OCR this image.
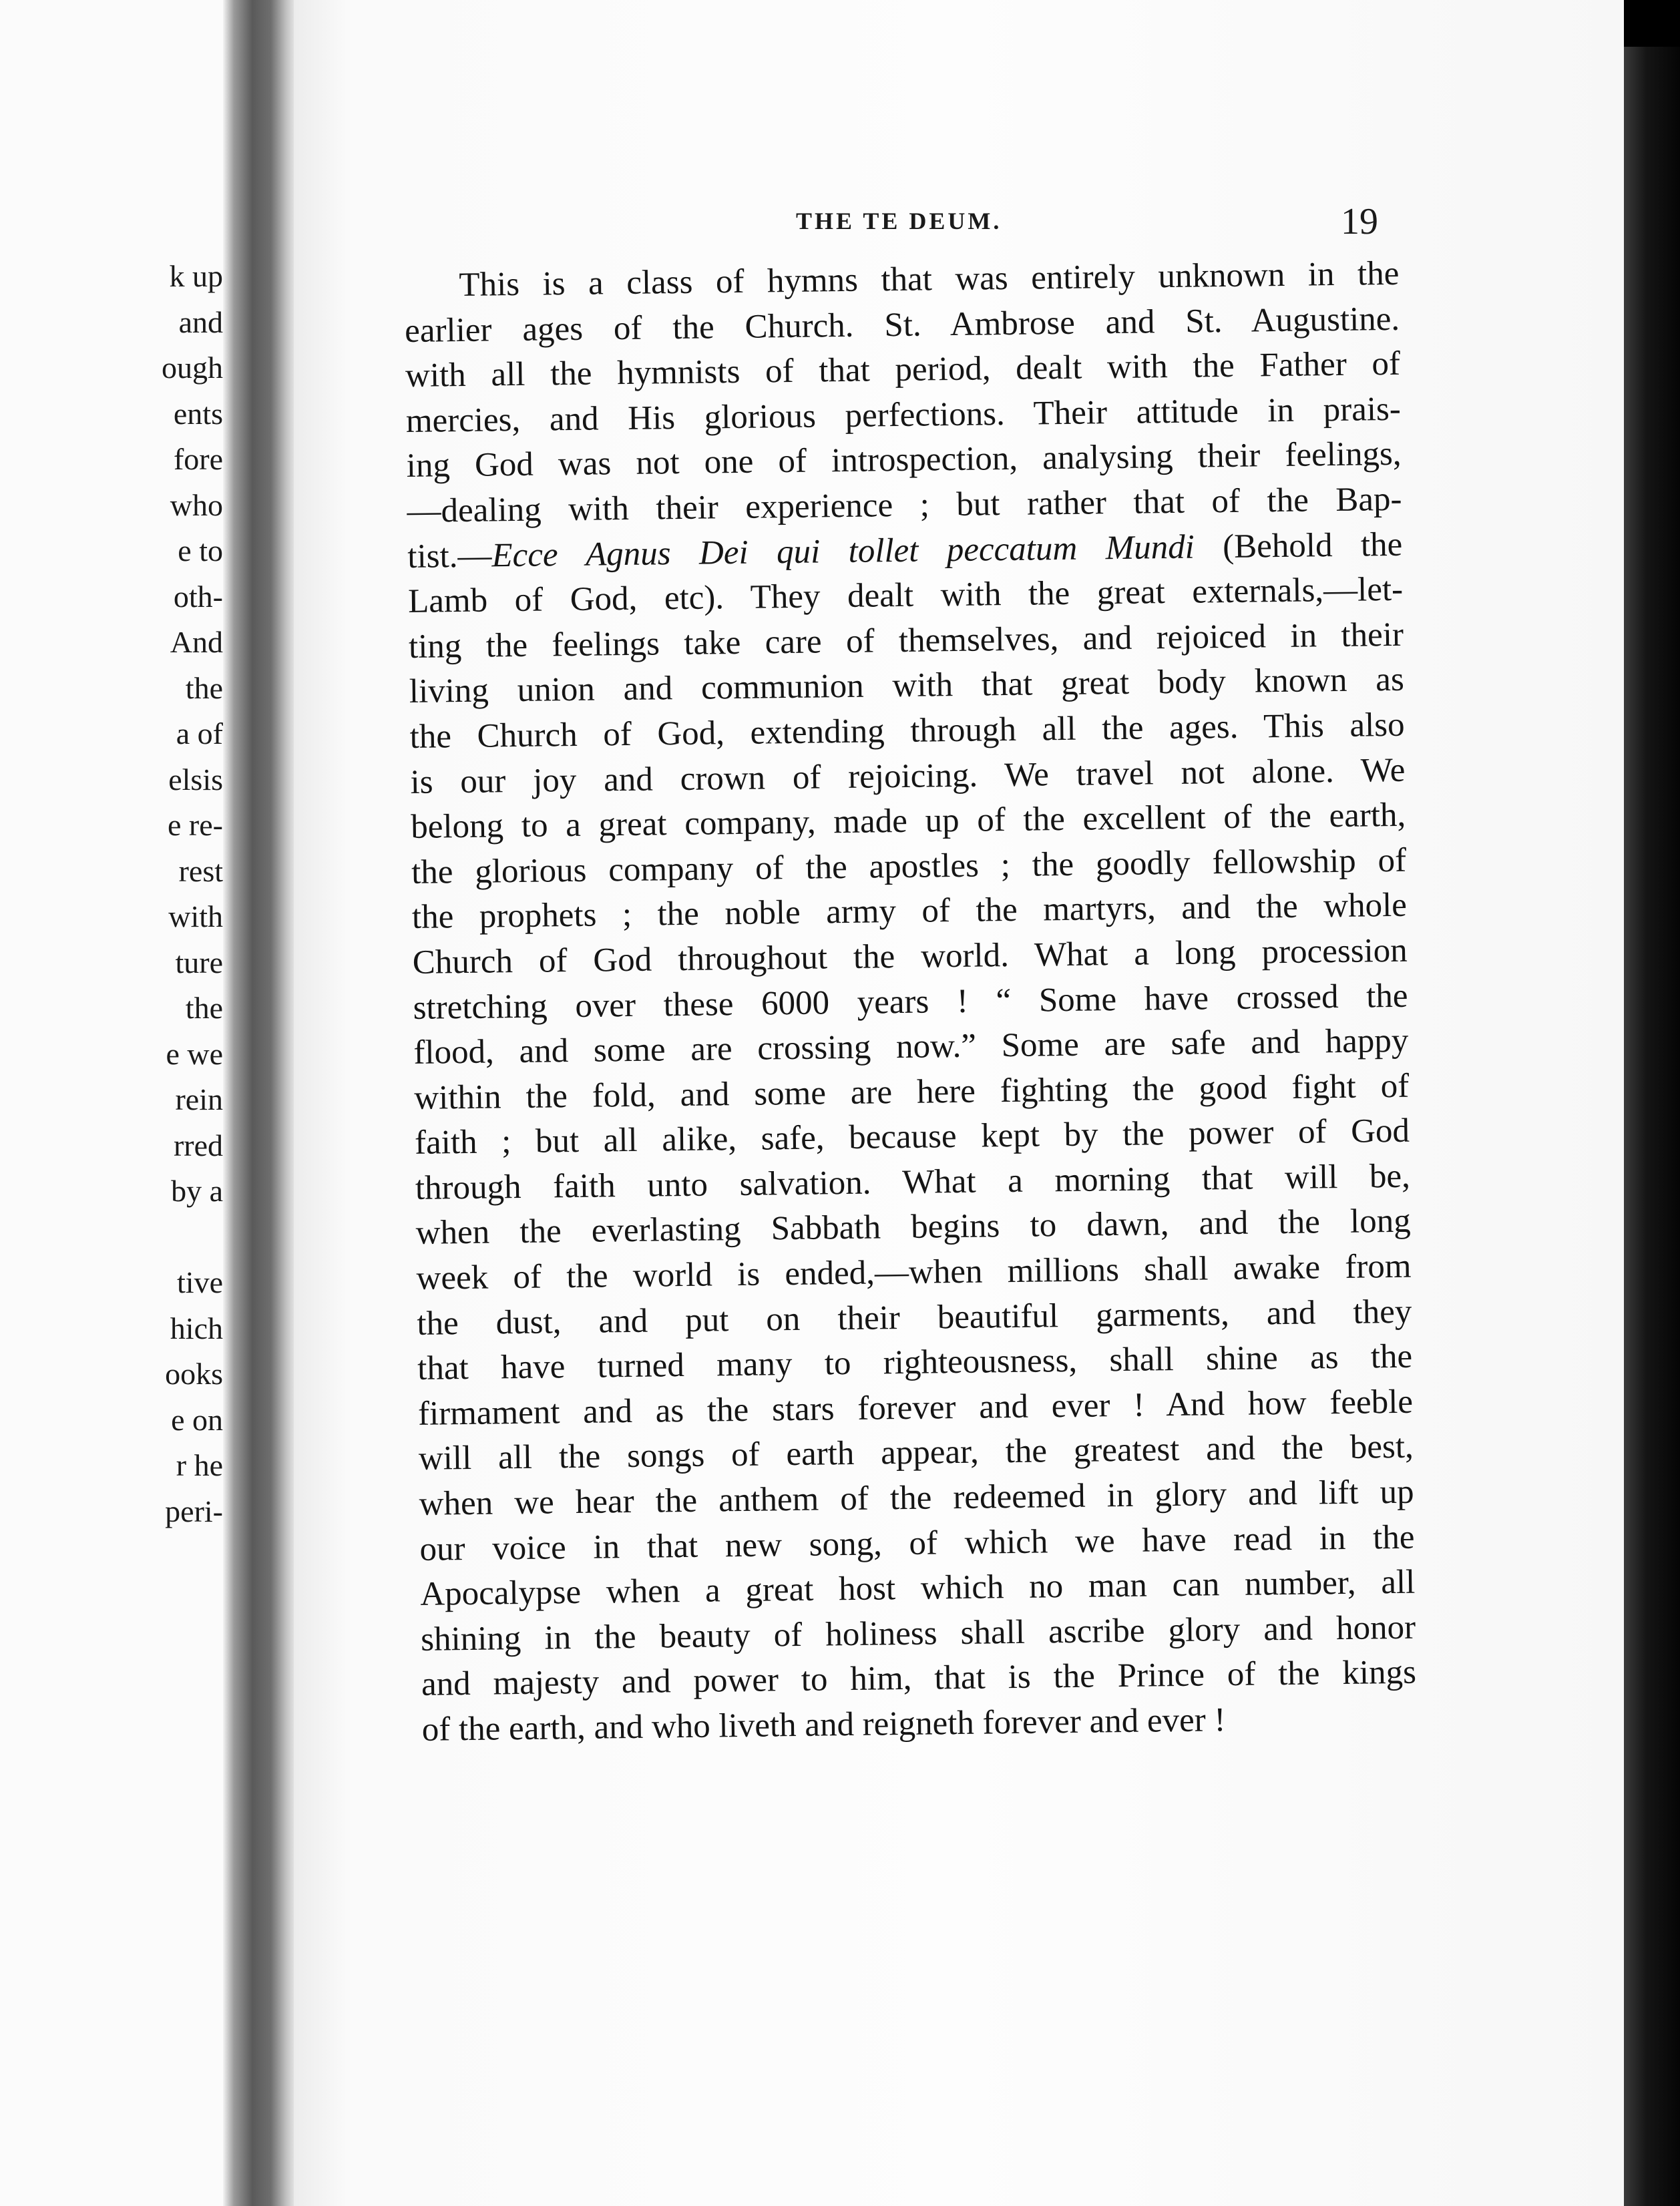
k up
and
ough
ents
fore
who
e to
oth-
And
the
a of
elsis
e re-
rest
with
ture
the
e we
rein
rred
by a
tive
hich
ooks
e on
r he
peri-
THE TE DEUM.	19
This is a class of hymns that was entirely unknown in the
earlier ages of the Church. St. Ambrose and St. Augustine.
with all the hymnists of that period, dealt with the Father of
mercies, and His glorious perfections. Their attitude in prais-
ing God was not one of introspection, analysing their feelings,
—dealing with their experience ; but rather that of the Bap-
tist.—Ecce Agnus Dei qui tollet peccatum Mundi (Behold the
Lamb of God, etc). They dealt with the great externals,—let-
ting the feelings take care of themselves, and rejoiced in their
living union and communion with that great body known as
the Church of God, extending through all the ages. This also
is our joy and crown of rejoicing. We travel not alone. We
belong to a great company, made up of the excellent of the earth,
the glorious company of the apostles ; the goodly fellowship of
the prophets ; the noble army of the martyrs, and the whole
Church of God throughout the world. What a long procession
stretching over these 6000 years ! “ Some have crossed the
flood, and some are crossing now.” Some are safe and happy
within the fold, and some are here fighting the good fight of
faith ; but all alike, safe, because kept by the power of God
through faith unto salvation. What a morning that will be,
when the everlasting Sabbath begins to dawn, and the long
week of the world is ended,—when millions shall awake from
the dust, and put on their beautiful garments, and they
that have turned many to righteousness, shall shine as the
firmament and as the stars forever and ever ! And how feeble
will all the songs of earth appear, the greatest and the best,
when we hear the anthem of the redeemed in glory and lift up
our voice in that new song, of which we have read in the
Apocalypse when a great host which no man can number, all
shining in the beauty of holiness shall ascribe glory and honor
and majesty and power to him, that is the Prince of the kings
of the earth, and who liveth and reigneth forever and ever !
